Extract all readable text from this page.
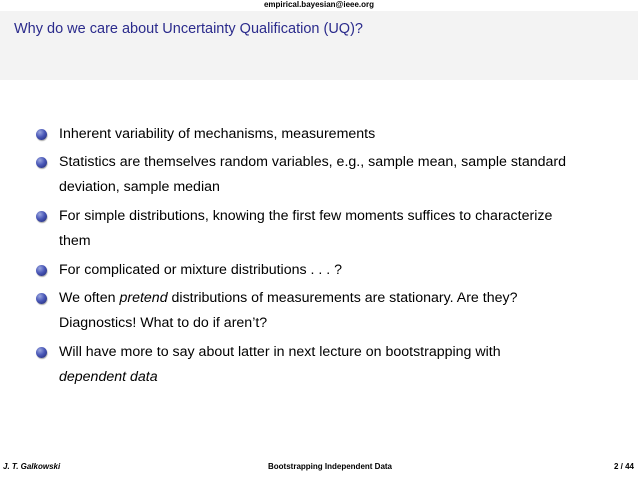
empirical.bayesian@ieee.org
Why do we care about Uncertainty Qualification (UQ)?
Inherent variability of mechanisms, measurements
Statistics are themselves random variables, e.g., sample mean, sample standard
deviation, sample median
For simple distributions, knowing the first few moments suffices to characterize
them
For complicated or mixture distributions . . . ?
We often pretend distributions of measurements are stationary. Are they?
Diagnostics! What to do if aren’t?
Will have more to say about latter in next lecture on bootstrapping with
dependent data
J. T. Galkowski	Bootstrapping Independent Data	2 / 44
